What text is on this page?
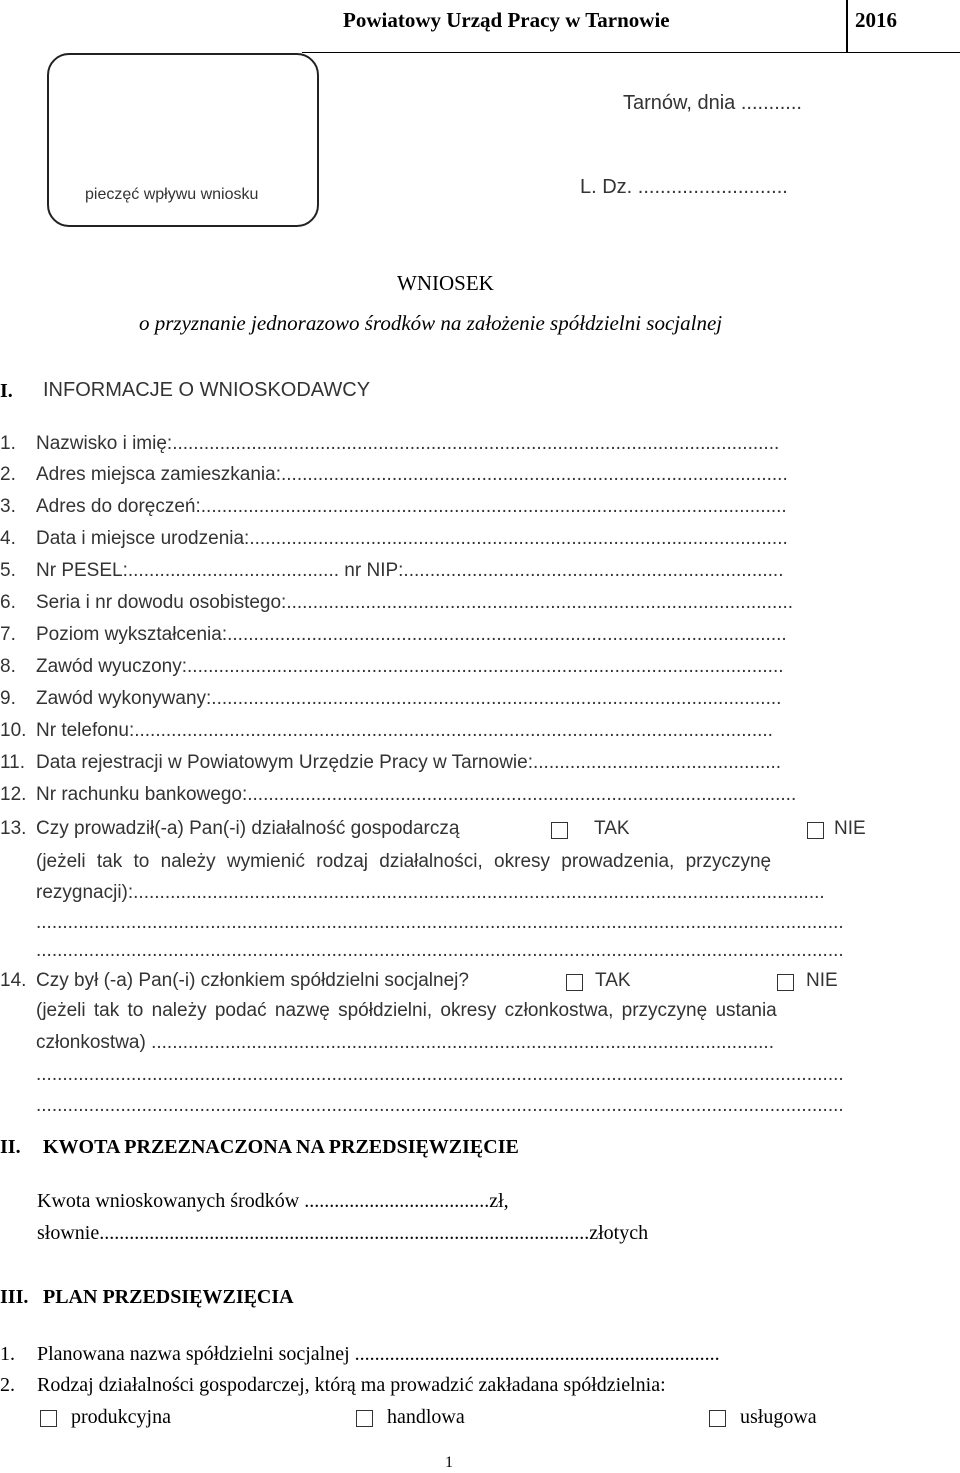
Powiatowy Urząd Pracy w Tarnowie	2016
pieczęć wpływu wniosku
Tarnów, dnia ...........
L. Dz. ...........................
WNIOSEK
o przyznanie jednorazowo środków na założenie spółdzielni socjalnej
I. INFORMACJE O WNIOSKODAWCY
1. Nazwisko i imię:...................................................................................................................
2. Adres miejsca zamieszkania:................................................................................................
3. Adres do doręczeń:...............................................................................................................
4. Data i miejsce urodzenia:......................................................................................................
5. Nr PESEL:........................................ nr NIP:........................................................................
6. Seria i nr dowodu osobistego:................................................................................................
7. Poziom wykształcenia:..........................................................................................................
8. Zawód wyuczony:.................................................................................................................
9. Zawód wykonywany:............................................................................................................
10. Nr telefonu:.........................................................................................................................
11. Data rejestracji w Powiatowym Urzędzie Pracy w Tarnowie:...............................................
12. Nr rachunku bankowego:........................................................................................................
13. Czy prowadził(-a) Pan(-i) działalność gospodarczą	TAK	NIE
(jeżeli tak to należy wymienić rodzaj działalności, okresy prowadzenia, przyczynę
rezygnacji):...................................................................................................................................
.........................................................................................................................................................
.........................................................................................................................................................
14. Czy był (-a) Pan(-i) członkiem spółdzielni socjalnej?	TAK	NIE
(jeżeli tak to należy podać nazwę spółdzielni, okresy członkostwa, przyczynę ustania
członkostwa) ......................................................................................................................
.........................................................................................................................................................
.........................................................................................................................................................
II. KWOTA PRZEZNACZONA NA PRZEDSIĘWZIĘCIE
Kwota wnioskowanych środków .....................................zł,
słownie..................................................................................................złotych
III. PLAN PRZEDSIĘWZIĘCIA
1. Planowana nazwa spółdzielni socjalnej .........................................................................
2. Rodzaj działalności gospodarczej, którą ma prowadzić zakładana spółdzielnia:
produkcyjna	handlowa	usługowa
1
